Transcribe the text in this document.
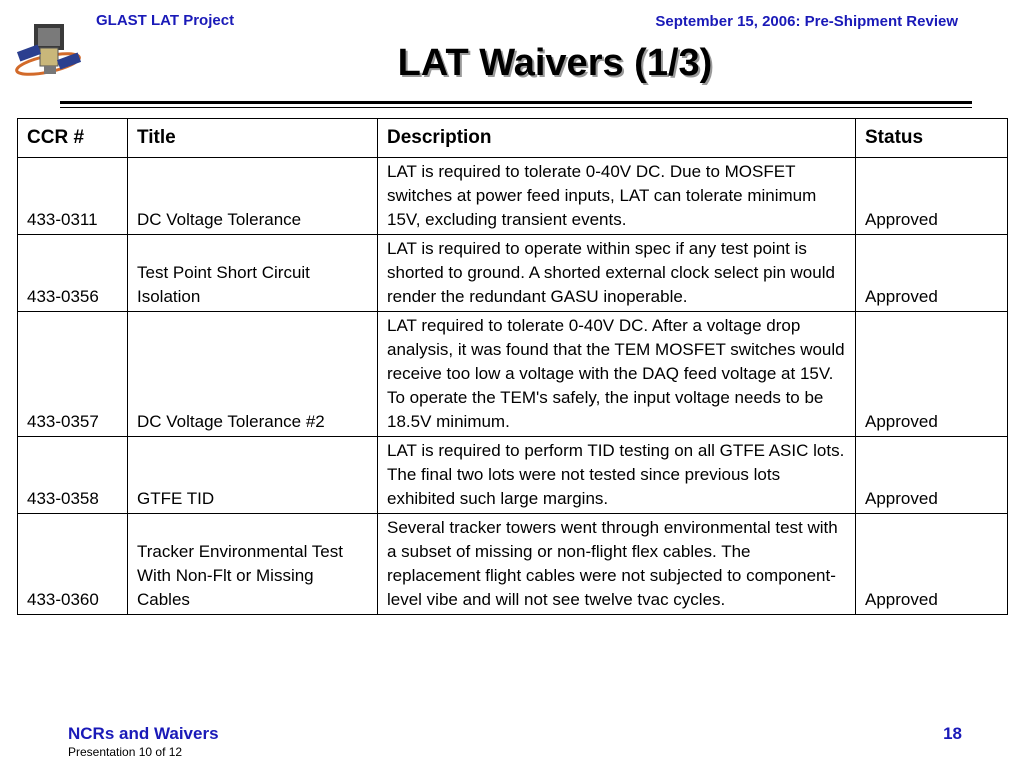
GLAST LAT Project	September 15, 2006: Pre-Shipment Review
LAT Waivers (1/3)
CCR #	Title	Description	Status
433-0311	DC Voltage Tolerance	LAT is required to tolerate 0-40V DC. Due to MOSFET switches at power feed inputs, LAT can tolerate minimum 15V, excluding transient events.	Approved
433-0356	Test Point Short Circuit Isolation	LAT is required to operate within spec if any test point is shorted to ground. A shorted external clock select pin would render the redundant GASU inoperable.	Approved
433-0357	DC Voltage Tolerance #2	LAT required to tolerate 0-40V DC. After a voltage drop analysis, it was found that the TEM MOSFET switches would receive too low a voltage with the DAQ feed voltage at 15V. To operate the TEM's safely, the input voltage needs to be 18.5V minimum.	Approved
433-0358	GTFE TID	LAT is required to perform TID testing on all GTFE ASIC lots. The final two lots were not tested since previous lots exhibited such large margins.	Approved
433-0360	Tracker Environmental Test With Non-Flt or Missing Cables	Several tracker towers went through environmental test with a subset of missing or non-flight flex cables. The replacement flight cables were not subjected to component-level vibe and will not see twelve tvac cycles.	Approved
NCRs and Waivers
Presentation 10 of 12
18
